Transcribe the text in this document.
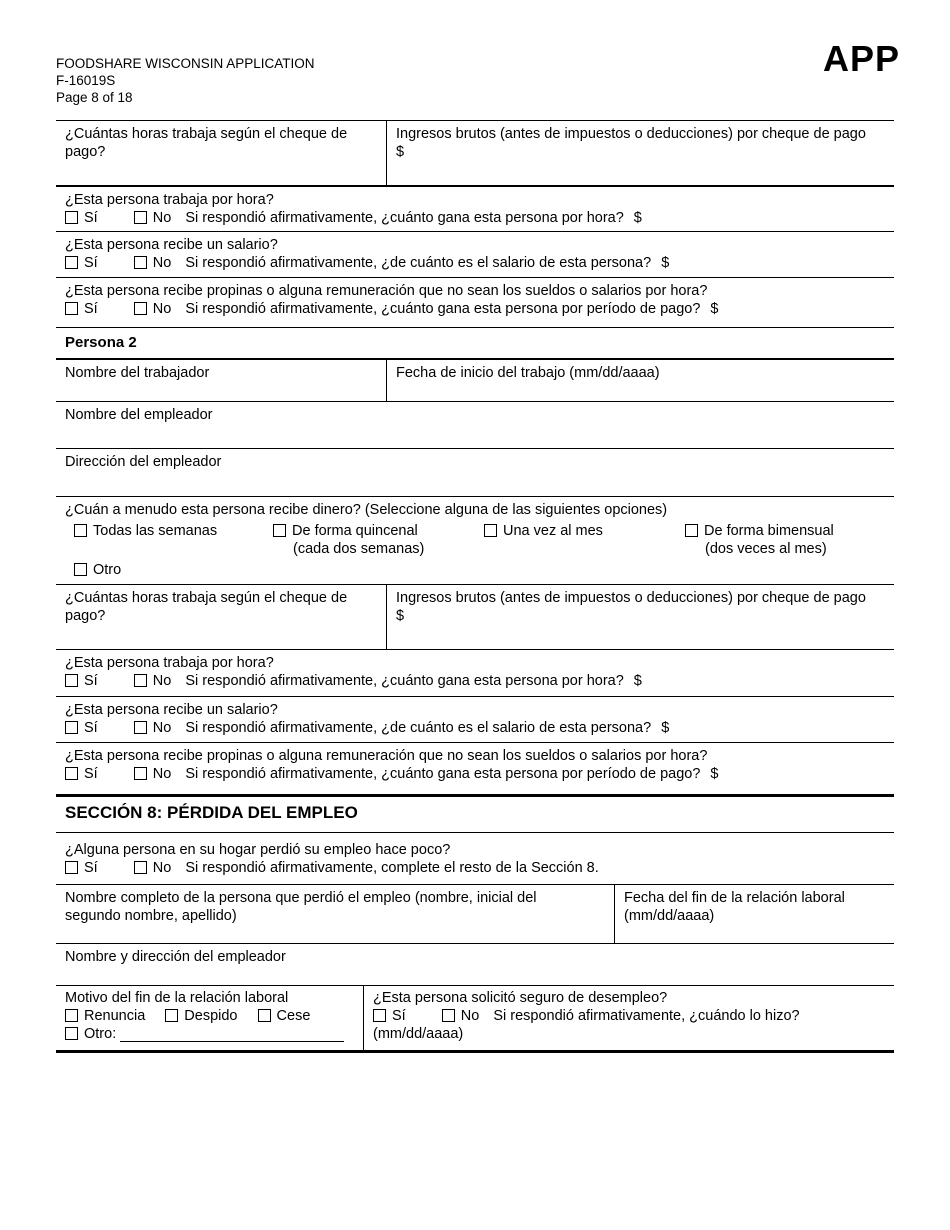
FOODSHARE WISCONSIN APPLICATION
F-16019S
Page 8 of 18
APP
¿Cuántas horas trabaja según el cheque de pago?
Ingresos brutos (antes de impuestos o deducciones) por cheque de pago
$
¿Esta persona trabaja por hora?
Sí	No Si respondió afirmativamente, ¿cuánto gana esta persona por hora? $
¿Esta persona recibe un salario?
Sí	No Si respondió afirmativamente, ¿de cuánto es el salario de esta persona? $
¿Esta persona recibe propinas o alguna remuneración que no sean los sueldos o salarios por hora?
Sí	No Si respondió afirmativamente, ¿cuánto gana esta persona por período de pago? $
Persona 2
Nombre del trabajador	Fecha de inicio del trabajo (mm/dd/aaaa)
Nombre del empleador
Dirección del empleador
¿Cuán a menudo esta persona recibe dinero? (Seleccione alguna de las siguientes opciones)
Todas las semanas	De forma quincenal
(cada dos semanas)
Una vez al mes	De forma bimensual
(dos veces al mes)
Otro
¿Cuántas horas trabaja según el cheque de pago?
Ingresos brutos (antes de impuestos o deducciones) por cheque de pago
$
¿Esta persona trabaja por hora?
Sí	No Si respondió afirmativamente, ¿cuánto gana esta persona por hora? $
¿Esta persona recibe un salario?
Sí	No Si respondió afirmativamente, ¿de cuánto es el salario de esta persona? $
¿Esta persona recibe propinas o alguna remuneración que no sean los sueldos o salarios por hora?
Sí	No Si respondió afirmativamente, ¿cuánto gana esta persona por período de pago? $
SECCIÓN 8: PÉRDIDA DEL EMPLEO
¿Alguna persona en su hogar perdió su empleo hace poco?
Sí	No Si respondió afirmativamente, complete el resto de la Sección 8.
Nombre completo de la persona que perdió el empleo (nombre, inicial del segundo nombre, apellido)
Fecha del fin de la relación laboral (mm/dd/aaaa)
Nombre y dirección del empleador
Motivo del fin de la relación laboral
Renuncia	Despido	Cese
Otro:
¿Esta persona solicitó seguro de desempleo?
Sí	No Si respondió afirmativamente, ¿cuándo lo hizo? (mm/dd/aaaa)
